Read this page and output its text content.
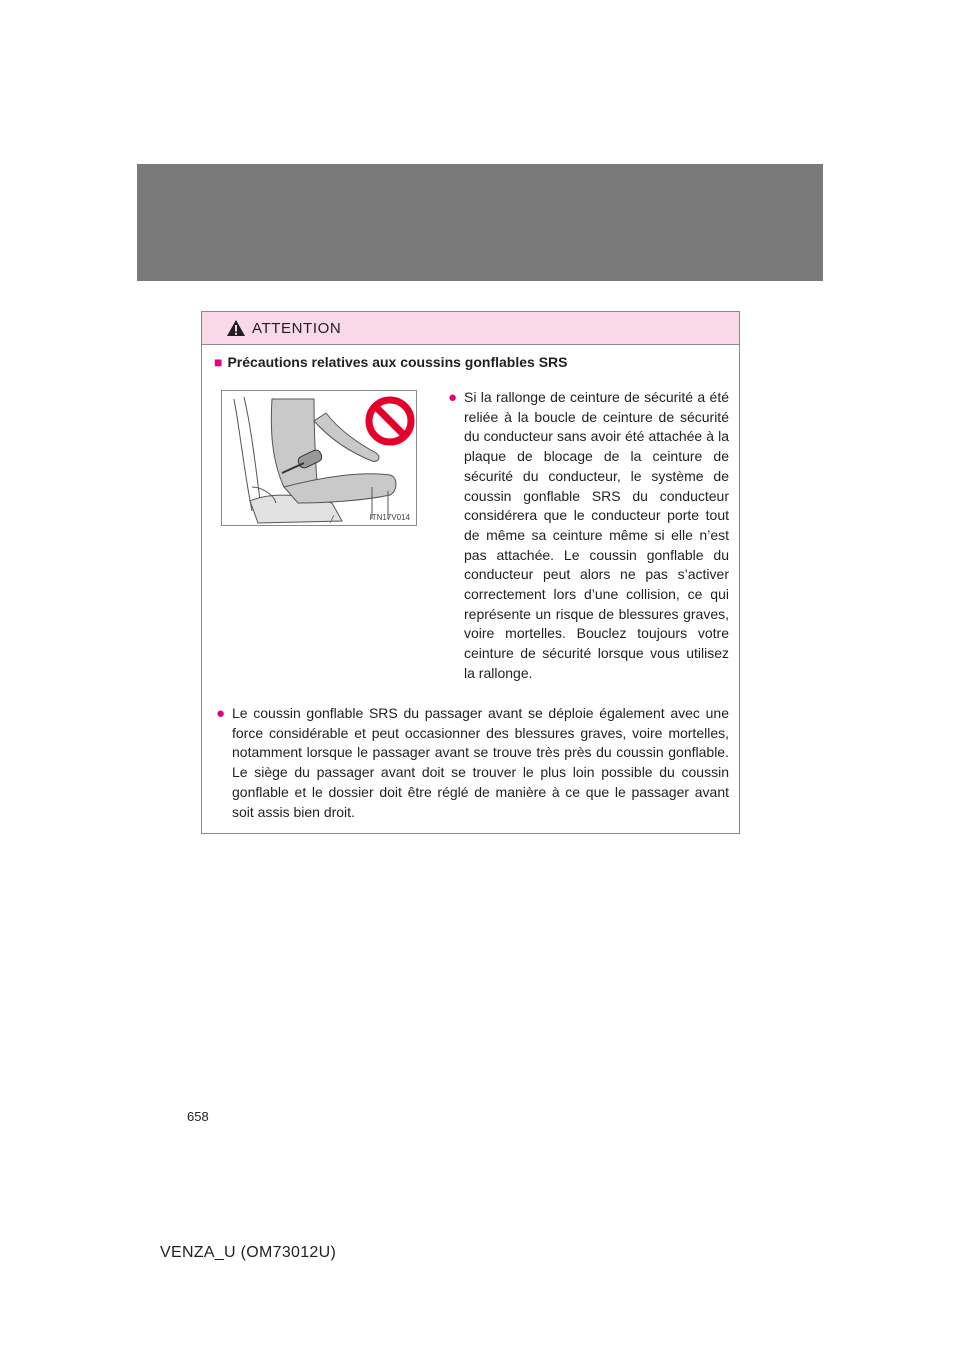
ATTENTION
■ Précautions relatives aux coussins gonflables SRS
ITN17V014
● Si la rallonge de ceinture de sécurité a été reliée à la boucle de ceinture de sécurité du conducteur sans avoir été attachée à la plaque de blocage de la ceinture de sécurité du conducteur, le système de coussin gonflable SRS du conducteur considérera que le conducteur porte tout de même sa ceinture même si elle n’est pas attachée. Le coussin gonflable du conducteur peut alors ne pas s’activer correctement lors d’une collision, ce qui représente un risque de blessures graves, voire mortelles. Bouclez toujours votre ceinture de sécurité lorsque vous utilisez la rallonge.
● Le coussin gonflable SRS du passager avant se déploie également avec une force considérable et peut occasionner des blessures graves, voire mortelles, notamment lorsque le passager avant se trouve très près du coussin gonflable. Le siège du passager avant doit se trouver le plus loin possible du coussin gonflable et le dossier doit être réglé de manière à ce que le passager avant soit assis bien droit.
658
VENZA_U (OM73012U)
